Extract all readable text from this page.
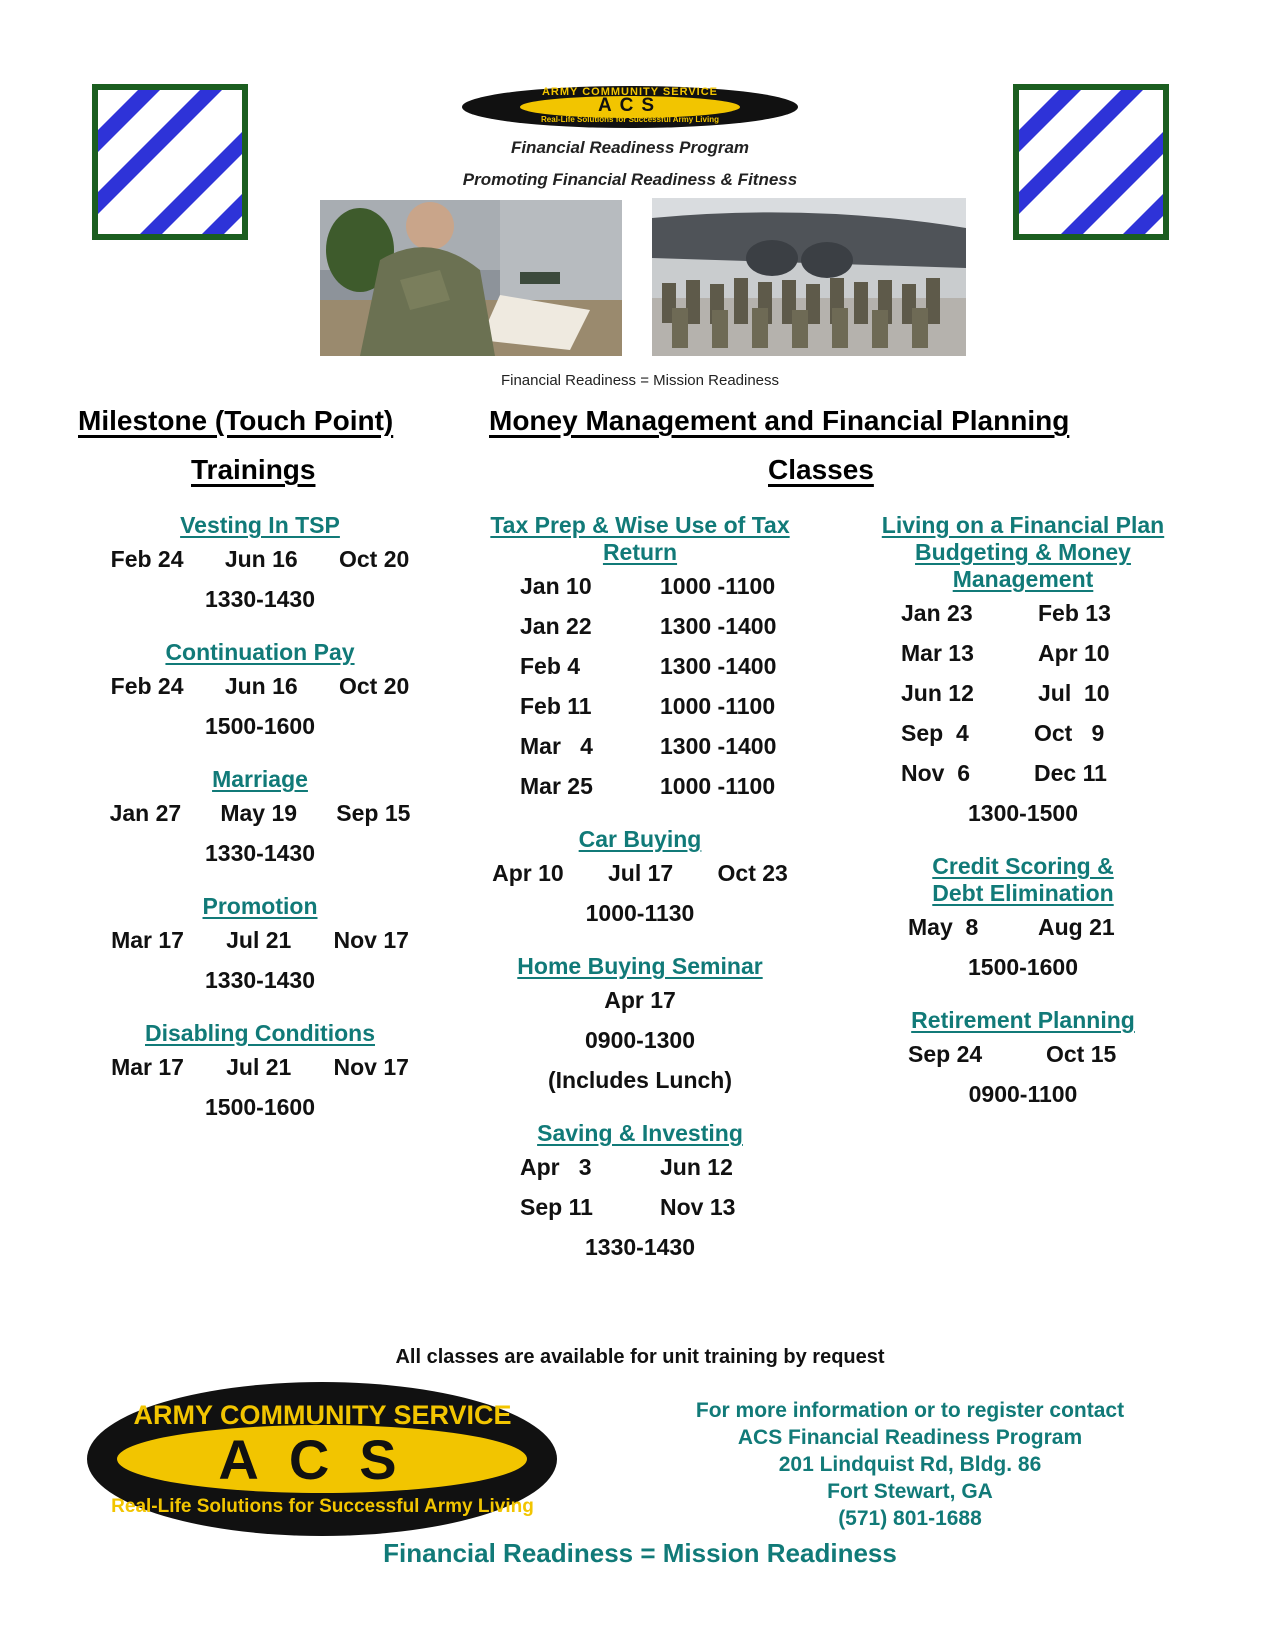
ARMY COMMUNITY SERVICE
ACS
Real-Life Solutions for Successful Army Living
Financial Readiness Program
Promoting Financial Readiness & Fitness
Financial Readiness = Mission Readiness
Milestone (Touch Point)
Trainings
Money Management and Financial Planning
Classes
Vesting In TSP
Feb 24 Jun 16 Oct 20
1330-1430
Continuation Pay
Feb 24 Jun 16 Oct 20
1500-1600
Marriage
Jan 27 May 19 Sep 15
1330-1430
Promotion
Mar 17 Jul 21 Nov 17
1330-1430
Disabling Conditions
Mar 17 Jul 21 Nov 17
1500-1600
Tax Prep & Wise Use of Tax Return
Jan 10	1000 -1100
Jan 22	1300 -1400
Feb 4	1300 -1400
Feb 11	1000 -1100
Mar   4	1300 -1400
Mar 25	1000 -1100
Car Buying
Apr 10 Jul 17 Oct 23
1000-1130
Home Buying Seminar
Apr 17
0900-1300
(Includes Lunch)
Saving & Investing
Apr   3	Jun 12
Sep 11	Nov 13
1330-1430
Living on a Financial Plan Budgeting & Money Management
Jan 23	Feb 13
Mar 13	Apr 10
Jun 12	Jul  10
Sep  4	Oct   9
Nov  6	Dec 11
1300-1500
Credit Scoring & Debt Elimination
May  8	Aug 21
1500-1600
Retirement Planning
Sep 24	Oct 15
0900-1100
All classes are available for unit training by request
ARMY COMMUNITY SERVICE
ACS
Real-Life Solutions for Successful Army Living
For more information or to register contact
ACS Financial Readiness Program
201 Lindquist Rd, Bldg. 86
Fort Stewart, GA
(571) 801-1688
Financial Readiness = Mission Readiness
